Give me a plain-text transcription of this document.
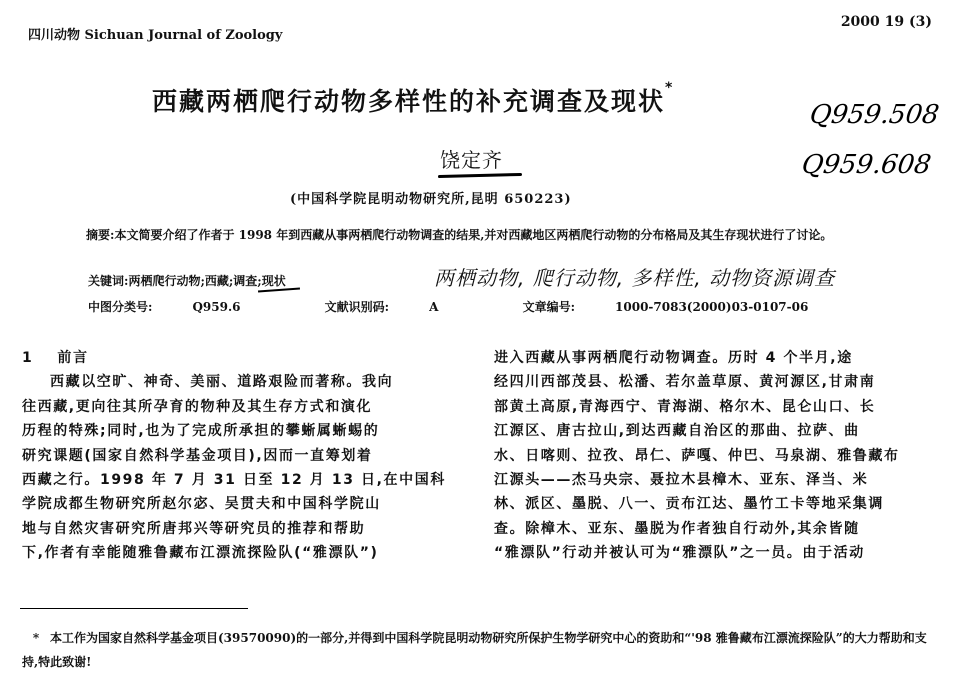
四川动物 Sichuan Journal of Zoology
2000 19 (3)
西藏两栖爬行动物多样性的补充调查及现状*
Q959.508
Q959.608
饶定齐
(中国科学院昆明动物研究所,昆明 650223)
摘要:本文简要介绍了作者于 1998 年到西藏从事两栖爬行动物调查的结果,并对西藏地区两栖爬行动物的分布格局及其生存现状进行了讨论。
关键词:两栖爬行动物;西藏;调查;现状	两栖动物, 爬行动物, 多样性, 动物资源调查
中图分类号:	Q959.6	文献识别码:	A	文章编号:	1000-7083(2000)03-0107-06
1 前言
西藏以空旷、神奇、美丽、道路艰险而著称。我向
往西藏,更向往其所孕育的物种及其生存方式和演化
历程的特殊;同时,也为了完成所承担的攀蜥属蜥蜴的
研究课题(国家自然科学基金项目),因而一直筹划着
西藏之行。1998 年 7 月 31 日至 12 月 13 日,在中国科
学院成都生物研究所赵尔宓、吴贯夫和中国科学院山
地与自然灾害研究所唐邦兴等研究员的推荐和帮助
下,作者有幸能随雅鲁藏布江漂流探险队(“雅漂队”)
进入西藏从事两栖爬行动物调查。历时 4 个半月,途
经四川西部茂县、松潘、若尔盖草原、黄河源区,甘肃南
部黄土高原,青海西宁、青海湖、格尔木、昆仑山口、长
江源区、唐古拉山,到达西藏自治区的那曲、拉萨、曲
水、日喀则、拉孜、昂仁、萨嘎、仲巴、马泉湖、雅鲁藏布
江源头——杰马央宗、聂拉木县樟木、亚东、泽当、米
林、派区、墨脱、八一、贡布江达、墨竹工卡等地采集调
查。除樟木、亚东、墨脱为作者独自行动外,其余皆随
“雅漂队”行动并被认可为“雅漂队”之一员。由于活动
* 本工作为国家自然科学基金项目(39570090)的一部分,并得到中国科学院昆明动物研究所保护生物学研究中心的资助和“'98 雅鲁藏布江漂流探险队”的大力帮助和支持,特此致谢!
